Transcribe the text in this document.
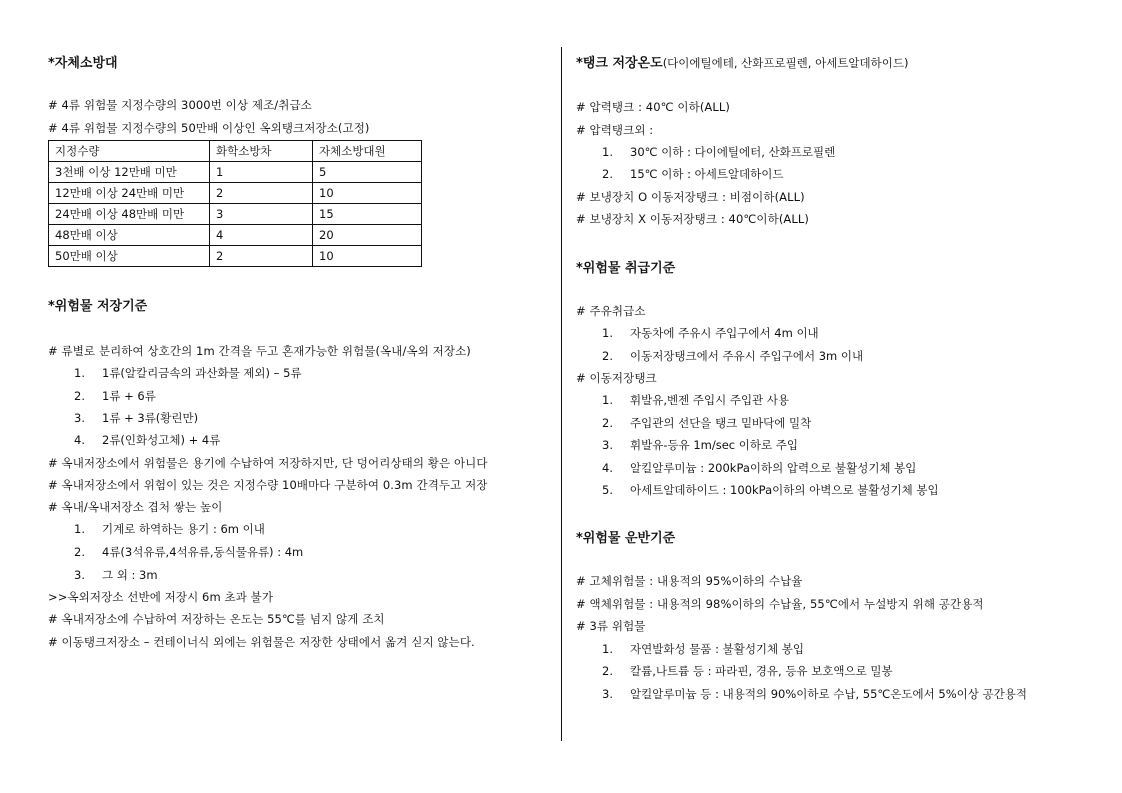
*자체소방대
# 4류 위험물 지정수량의 3000번 이상 제조/취급소
# 4류 위험물 지정수량의 50만배 이상인 옥외탱크저장소(고정)
지정수량	화학소방차	자체소방대원
3천배 이상 12만배 미만	1	5
12만배 이상 24만배 미만	2	10
24만배 이상 48만배 미만	3	15
48만배 이상	4	20
50만배 이상	2	10
*위험물 저장기준
# 류별로 분리하여 상호간의 1m 간격을 두고 혼재가능한 위험물(옥내/옥외 저장소)
1. 1류(알칼리금속의 과산화물 제외) – 5류
2. 1류 + 6류
3. 1류 + 3류(황린만)
4. 2류(인화성고체) + 4류
# 옥내저장소에서 위험물은 용기에 수납하여 저장하지만, 단 덩어리상태의 황은 아니다
# 옥내저장소에서 위험이 있는 것은 지정수량 10배마다 구분하여 0.3m 간격두고 저장
# 옥내/옥내저장소 겹처 쌓는 높이
1. 기계로 하역하는 용기 : 6m 이내
2. 4류(3석유류,4석유류,동식물유류) : 4m
3. 그 외 : 3m
>>옥외저장소 선반에 저장시 6m 초과 불가
# 옥내저장소에 수납하여 저장하는 온도는 55℃를 넘지 않게 조치
# 이동탱크저장소 – 컨테이너식 외에는 위험물은 저장한 상태에서 옮겨 싣지 않는다.
*탱크 저장온도(다이에틸에테, 산화프로필렌, 아세트알데하이드)
# 압력탱크 : 40℃ 이하(ALL)
# 압력탱크외 :
1. 30℃ 이하 : 다이에틸에터, 산화프로필렌
2. 15℃ 이하 : 아세트알데하이드
# 보냉장치 O 이동저장탱크 : 비점이하(ALL)
# 보냉장치 X 이동저장탱크 : 40℃이하(ALL)
*위험물 취급기준
# 주유취급소
1. 자동차에 주유시 주입구에서 4m 이내
2. 이동저장탱크에서 주유시 주입구에서 3m 이내
# 이동저장탱크
1. 휘발유,벤젠 주입시 주입관 사용
2. 주입관의 선단을 탱크 밑바닥에 밀착
3. 휘발유-등유 1m/sec 이하로 주입
4. 알킬알루미늄 : 200kPa이하의 압력으로 불활성기체 봉입
5. 아세트알데하이드 : 100kPa이하의 아벽으로 불활성기체 봉입
*위험물 운반기준
# 고체위험물 : 내용적의 95%이하의 수납율
# 액체위험물 : 내용적의 98%이하의 수납율, 55℃에서 누설방지 위해 공간용적
# 3류 위험물
1. 자연발화성 물품 : 불활성기체 봉입
2. 칼륨,나트륨 등 : 파라핀, 경유, 등유 보호액으로 밀봉
3. 알킬알루미늄 등 : 내용적의 90%이하로 수납, 55℃온도에서 5%이상 공간용적
